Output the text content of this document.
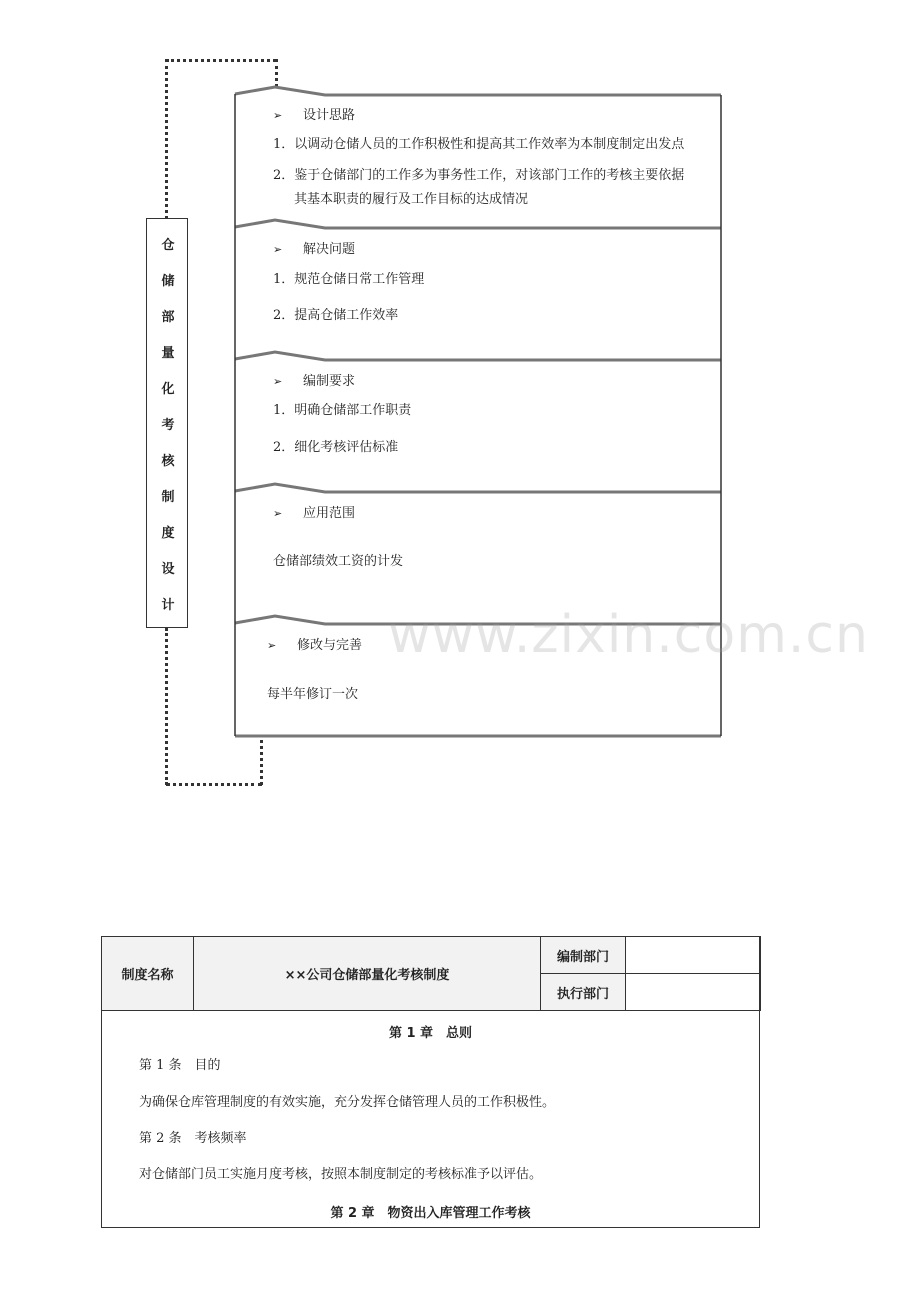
仓
储
部
量
化
考
核
制
度
设
计
➢ 设计思路
1．以调动仓储人员的工作积极性和提高其工作效率为本制度制定出发点
2．鉴于仓储部门的工作多为事务性工作，对该部门工作的考核主要依据
其基本职责的履行及工作目标的达成情况
➢ 解决问题
1．规范仓储日常工作管理
2．提高仓储工作效率
➢ 编制要求
1．明确仓储部工作职责
2．细化考核评估标准
➢ 应用范围
仓储部绩效工资的计发
➢ 修改与完善
每半年修订一次
www.zixin.com.cn
制度名称	××公司仓储部量化考核制度
编制部门
执行部门
第 1 章　总则
第 1 条　目的
为确保仓库管理制度的有效实施，充分发挥仓储管理人员的工作积极性。
第 2 条　考核频率
对仓储部门员工实施月度考核，按照本制度制定的考核标准予以评估。
第 2 章　物资出入库管理工作考核
